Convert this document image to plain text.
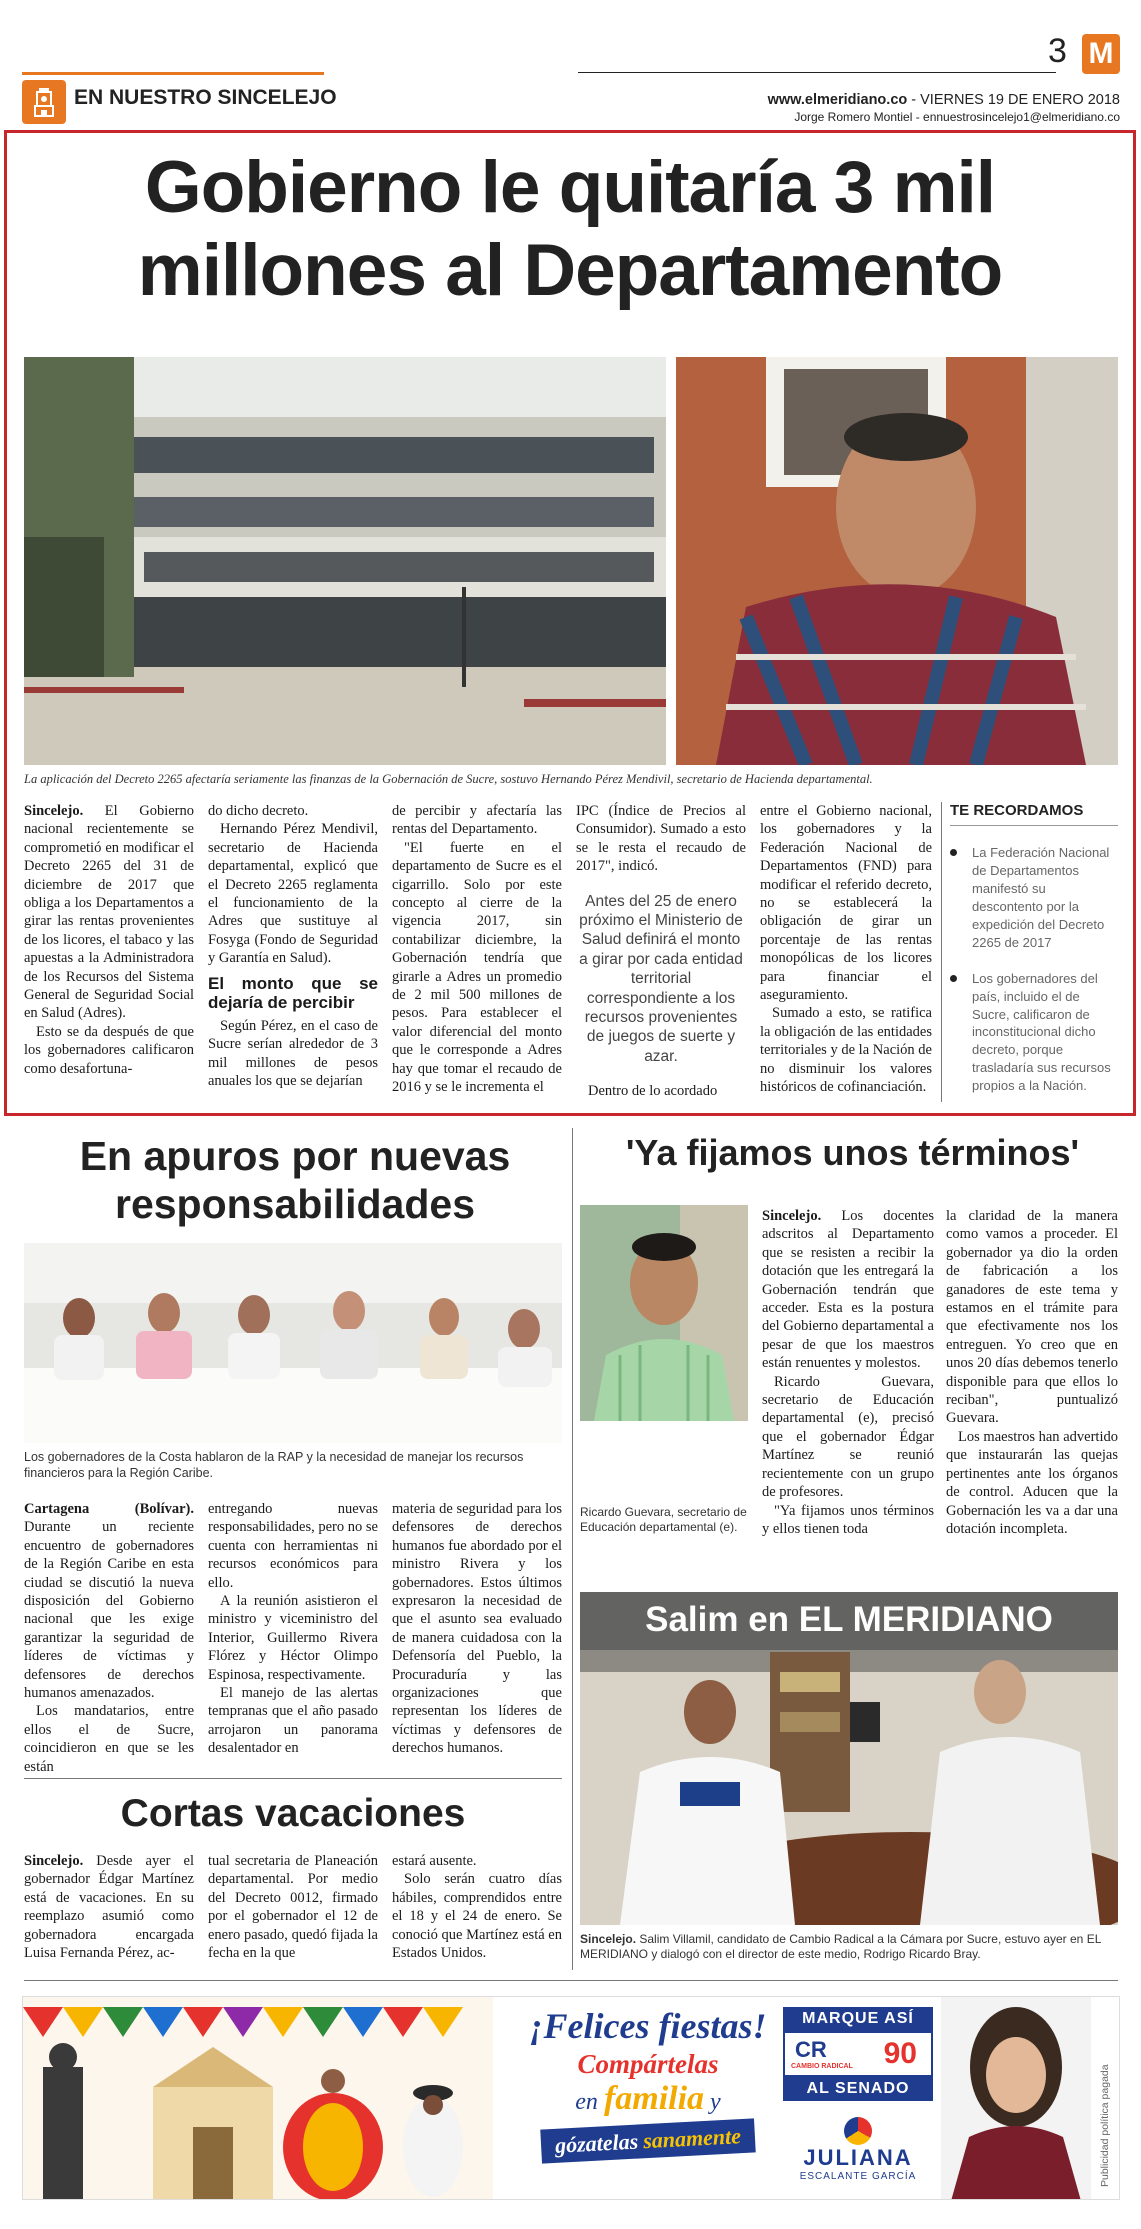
EN NUESTRO SINCELEJO
3 M
www.elmeridiano.co - VIERNES 19 DE ENERO 2018
Jorge Romero Montiel - ennuestrosincelejo1@elmeridiano.co
Gobierno le quitaría 3 mil millones al Departamento
La aplicación del Decreto 2265 afectaría seriamente las finanzas de la Gobernación de Sucre, sostuvo Hernando Pérez Mendivil, secretario de Hacienda departamental.

Sincelejo. El Gobierno nacional recientemente se comprometió en modificar el Decreto 2265 del 31 de diciembre de 2017 que obliga a los Departamentos a girar las rentas provenientes de los licores, el tabaco y las apuestas a la Administradora de los Recursos del Sistema General de Seguridad Social en Salud (Adres).

Esto se da después de que los gobernadores calificaron como desafortuna-

do dicho decreto.

Hernando Pérez Mendivil, secretario de Hacienda departamental, explicó que el Decreto 2265 reglamenta el funcionamiento de la Adres que sustituye al Fosyga (Fondo de Seguridad y Garantía en Salud).

El monto que se dejaría de percibir

Según Pérez, en el caso de Sucre serían alrededor de 3 mil millones de pesos anuales los que se dejarían

de percibir y afectaría las rentas del Departamento.

"El fuerte en el departamento de Sucre es el cigarrillo. Solo por este concepto al cierre de la vigencia 2017, sin contabilizar diciembre, la Gobernación tendría que girarle a Adres un promedio de 2 mil 500 millones de pesos. Para establecer el valor diferencial del monto que le corresponde a Adres hay que tomar el recaudo de 2016 y se le incrementa el

IPC (Índice de Precios al Consumidor). Sumado a esto se le resta el recaudo de 2017", indicó.

Antes del 25 de enero próximo el Ministerio de Salud definirá el monto a girar por cada entidad territorial correspondiente a los recursos provenientes de juegos de suerte y azar.

Dentro de lo acordado

entre el Gobierno nacional, los gobernadores y la Federación Nacional de Departamentos (FND) para modificar el referido decreto, no se establecerá la obligación de girar un porcentaje de las rentas monopólicas de los licores para financiar el aseguramiento.

Sumado a esto, se ratifica la obligación de las entidades territoriales y de la Nación de no disminuir los valores históricos de cofinanciación.

TE RECORDAMOS
La Federación Nacional de Departamentos manifestó su descontento por la expedición del Decreto 2265 de 2017
Los gobernadores del país, incluido el de Sucre, calificaron de inconstitucional dicho decreto, porque trasladaría sus recursos propios a la Nación.
En apuros por nuevas responsabilidades
Los gobernadores de la Costa hablaron de la RAP y la necesidad de manejar los recursos financieros para la Región Caribe.

Cartagena (Bolívar). Durante un reciente encuentro de gobernadores de la Región Caribe en esta ciudad se discutió la nueva disposición del Gobierno nacional que les exige garantizar la seguridad de líderes de víctimas y defensores de derechos humanos amenazados.

Los mandatarios, entre ellos el de Sucre, coincidieron en que se les están

entregando nuevas responsabilidades, pero no se cuenta con herramientas ni recursos económicos para ello.

A la reunión asistieron el ministro y viceministro del Interior, Guillermo Rivera Flórez y Héctor Olimpo Espinosa, respectivamente.

El manejo de las alertas tempranas que el año pasado arrojaron un panorama desalentador en

materia de seguridad para los defensores de derechos humanos fue abordado por el ministro Rivera y los gobernadores. Estos últimos expresaron la necesidad de que el asunto sea evaluado de manera cuidadosa con la Defensoría del Pueblo, la Procuraduría y las organizaciones que representan los líderes de víctimas y defensores de derechos humanos.

Cortas vacaciones

Sincelejo. Desde ayer el gobernador Édgar Martínez está de vacaciones. En su reemplazo asumió como gobernadora encargada Luisa Fernanda Pérez, ac-

tual secretaria de Planeación departamental. Por medio del Decreto 0012, firmado por el gobernador el 12 de enero pasado, quedó fijada la fecha en la que

estará ausente.

Solo serán cuatro días hábiles, comprendidos entre el 18 y el 24 de enero. Se conoció que Martínez está en Estados Unidos.

'Ya fijamos unos términos'
Ricardo Guevara, secretario de Educación departamental (e).

Sincelejo. Los docentes adscritos al Departamento que se resisten a recibir la dotación que les entregará la Gobernación tendrán que acceder. Esta es la postura del Gobierno departamental a pesar de que los maestros están renuentes y molestos.

Ricardo Guevara, secretario de Educación departamental (e), precisó que el gobernador Édgar Martínez se reunió recientemente con un grupo de profesores.

"Ya fijamos unos términos y ellos tienen toda

la claridad de la manera como vamos a proceder. El gobernador ya dio la orden de fabricación a los ganadores de este tema y estamos en el trámite para que efectivamente nos los entreguen. Yo creo que en unos 20 días debemos tenerlo disponible para que ellos lo reciban", puntualizó Guevara.

Los maestros han advertido que instaurarán las quejas pertinentes ante los órganos de control. Aducen que la Gobernación les va a dar una dotación incompleta.

Salim en EL MERIDIANO
Sincelejo. Salim Villamil, candidato de Cambio Radical a la Cámara por Sucre, estuvo ayer en EL MERIDIANO y dialogó con el director de este medio, Rodrigo Ricardo Bray.
¡Felices fiestas!
Compártelas
en familia y
gózatelas sanamente
MARQUE ASÍ
CR
CAMBIO RADICAL 90
AL SENADO
JULIANA
ESCALANTE GARCÍA	Publicidad política pagada
